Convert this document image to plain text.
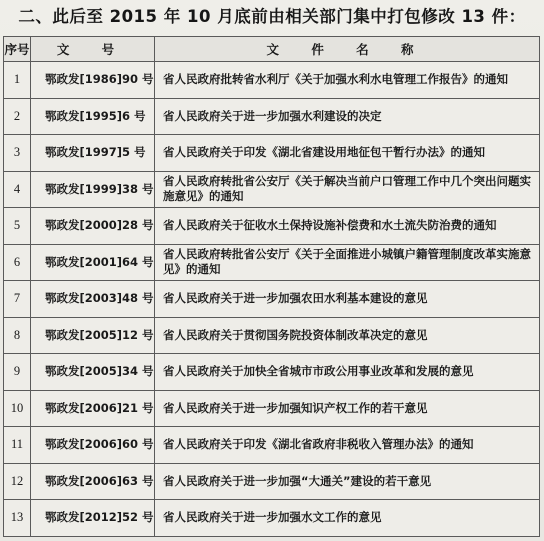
二、此后至 2015 年 10 月底前由相关部门集中打包修改 13 件：
序号	文 号	文 件 名 称
1	鄂政发[1986]90 号	省人民政府批转省水利厅《关于加强水利水电管理工作报告》的通知
2	鄂政发[1995]6 号	省人民政府关于进一步加强水利建设的决定
3	鄂政发[1997]5 号	省人民政府关于印发《湖北省建设用地征包干暂行办法》的通知
4	鄂政发[1999]38 号	省人民政府转批省公安厅《关于解决当前户口管理工作中几个突出问题实施意见》的通知
5	鄂政发[2000]28 号	省人民政府关于征收水土保持设施补偿费和水土流失防治费的通知
6	鄂政发[2001]64 号	省人民政府转批省公安厅《关于全面推进小城镇户籍管理制度改革实施意见》的通知
7	鄂政发[2003]48 号	省人民政府关于进一步加强农田水利基本建设的意见
8	鄂政发[2005]12 号	省人民政府关于贯彻国务院投资体制改革决定的意见
9	鄂政发[2005]34 号	省人民政府关于加快全省城市市政公用事业改革和发展的意见
10	鄂政发[2006]21 号	省人民政府关于进一步加强知识产权工作的若干意见
11	鄂政发[2006]60 号	省人民政府关于印发《湖北省政府非税收入管理办法》的通知
12	鄂政发[2006]63 号	省人民政府关于进一步加强“大通关”建设的若干意见
13	鄂政发[2012]52 号	省人民政府关于进一步加强水文工作的意见
